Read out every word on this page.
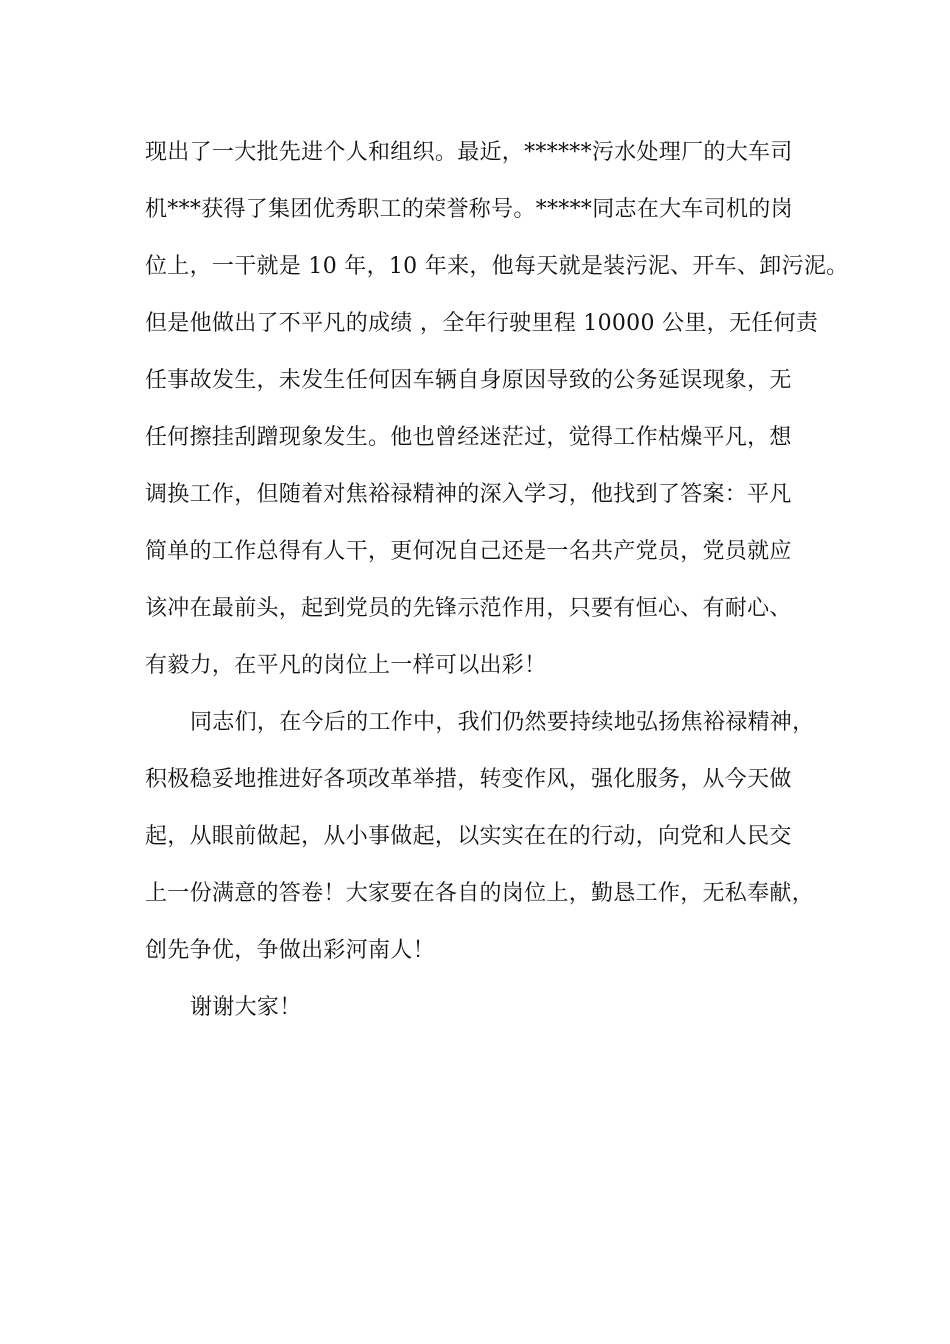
现出了一大批先进个人和组织。最近，******污水处理厂的大车司
机***获得了集团优秀职工的荣誉称号。*****同志在大车司机的岗
位上，一干就是 10 年，10 年来，他每天就是装污泥、开车、卸污泥。
但是他做出了不平凡的成绩 ，全年行驶里程 10000 公里，无任何责
任事故发生，未发生任何因车辆自身原因导致的公务延误现象，无
任何擦挂刮蹭现象发生。他也曾经迷茫过，觉得工作枯燥平凡，想
调换工作，但随着对焦裕禄精神的深入学习，他找到了答案：平凡
简单的工作总得有人干，更何况自己还是一名共产党员，党员就应
该冲在最前头，起到党员的先锋示范作用，只要有恒心、有耐心、
有毅力，在平凡的岗位上一样可以出彩！
同志们，在今后的工作中，我们仍然要持续地弘扬焦裕禄精神，
积极稳妥地推进好各项改革举措，转变作风，强化服务，从今天做
起，从眼前做起，从小事做起，以实实在在的行动，向党和人民交
上一份满意的答卷！大家要在各自的岗位上，勤恳工作，无私奉献，
创先争优，争做出彩河南人！
谢谢大家！
